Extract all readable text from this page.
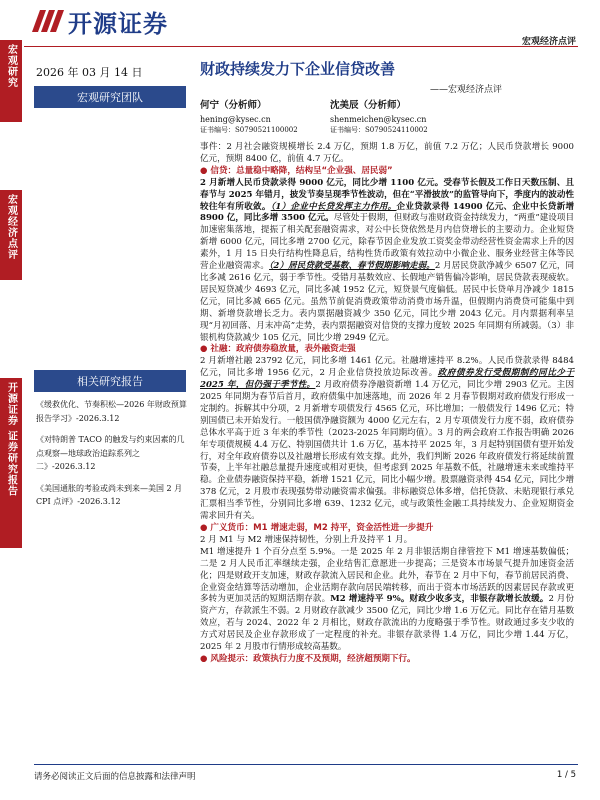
开源证券
宏观经济点评
宏观研究
宏观经济点评
开源证券 证券研究报告
2026 年 03 月 14 日
宏观研究团队
相关研究报告
《缓救优化、节奏积松—2026 年财政预算报告学习》-2026.3.12
《对特朗普 TACO 的触发与约束因素的几点观察—地球政治追踪系列之二》-2026.3.12
《美国通胀的考验或尚未到来—美国 2 月 CPI 点评》-2026.3.12
财政持续发力下企业信贷改善
——宏观经济点评
何宁（分析师）
hening@kysec.cn
证书编号：S0790521100002
沈美辰（分析师）
shenmeichen@kysec.cn
证书编号：S0790524110002

事件：2 月社会融资规模增长 2.4 万亿，预期 1.8 万亿，前值 7.2 万亿；人民币贷款增长 9000 亿元，预期 8400 亿，前值 4.7 万亿。

● 信贷：总量稳中略降，结构呈“企业强、居民弱”

2 月新增人民币贷款录得 9000 亿元，同比少增 1100 亿元。受春节长假及工作日天数压制、且春节与 2025 年错月，披发节奏呈现季节性波动，但在“平滑披放”的监管导向下，季度内的波动性较往年有所收敛。（1）企业中长贷发挥主力作用。企业贷款录得 14900 亿元、企业中长贷新增 8900 亿，同比多增 3500 亿元。尽管处于假期，但财政与准财政资金持续发力，“两重”建设项目加速密集落地，提振了相关配套融资需求，对公中长贷依然是月内信贷增长的主要动力。企业短贷新增 6000 亿元，同比多增 2700 亿元，除春节因企业发放工资奖金带动经营性资金需求上升的因素外，1 月 15 日央行结构性降息后，结构性货币政策有效拉动中小微企业、服务业经营主体等民营企业融资需求。（2）居民贷款受基数、春节假期影响走弱。2 月居民贷款净减少 6507 亿元，同比多减 2616 亿元，弱于季节性。受错月基数效应、长假地产销售偏冷影响，居民贷款表现疲软。居民短贷减少 4693 亿元，同比多减 1952 亿元，短贷景气度偏低。居民中长贷单月净减少 1815 亿元，同比多减 665 亿元。虽然节前促消费政策带动消费市场升温，但假期内消费贷可能集中到期、新增贷款增长乏力。表内票据融资减少 350 亿元，同比少增 2043 亿元。月内票据利率呈现“月初回落、月末冲高”走势，表内票据融资对信贷的支撑力度较 2025 年同期有所减弱。（3）非银机构贷款减少 105 亿元，同比少增 2949 亿元。

● 社融：政府债券稳放量，表外融资走强

2 月新增社融 23792 亿元，同比多增 1461 亿元。社融增速持平 8.2%。人民币贷款录得 8484 亿元，同比多增 1956 亿元，2 月企业信贷投放边际改善。政府债券发行受假期制约同比少于 2025 年，但仍强于季节性。2 月政府债券净融资新增 1.4 万亿元，同比少增 2903 亿元。主因 2025 年同期为春节后首月，政府债集中加速落地，而 2026 年 2 月春节假期对政府债发行形成一定制约。拆解其中分项，2 月新增专项债发行 4565 亿元，环比增加；一般债发行 1496 亿元；特别国债已未开始发行。一般国债净融资额为 4000 亿元左右，2 月专项债发行力度不弱，政府债券总体水平高于近 3 年来的季节性（2023-2025 年同期均值）。3 月的两会政府工作报告明确 2026 年专项债规模 4.4 万亿、特别国债共计 1.6 万亿，基本持平 2025 年，3 月起特别国债有望开始发行，对全年政府债券以及社融增长形成有效支撑。此外，我们判断 2026 年政府债发行将延续前置节奏，上半年社融总量提升速度或相对更快，但考虑到 2025 年基数不低，社融增速未来或维持平稳。企业债券融资保持平稳，新增 1521 亿元，同比小幅少增。股票融资录得 454 亿元，同比少增 378 亿元，2 月股市表现强势带动融资需求偏强。非标融资总体多增，信托贷款、未贴现银行承兑汇票相当季节性，分别同比多增 639、1232 亿元，或与政策性金融工具持续发力、企业短期资金需求回升有关。

● 广义货币：M1 增速走弱，M2 持平，资金活性进一步提升

2 月 M1 与 M2 增速保持韧性，分别上升及持平 1 月。

M1 增速提升 1 个百分点至 5.9%。一是 2025 年 2 月非银活期自律管控下 M1 增速基数偏低；二是 2 月人民币汇率继续走强，企业结售汇意愿进一步提高；三是资本市场景气提升加速资金活化；四是财政开支加速，财政存款流入居民和企业。此外，春节在 2 月中下旬，春节前居民消费、企业资金结算等活动增加，企业活期存款向居民端转移，而出于资本市场活跃的因素居民存款或更多转为更加灵活的短期活期存款。M2 增速持平 9%。财政少收多支，非银存款增长放缓。2 月份资产方，存款派生不弱。2 月财政存款减少 3500 亿元，同比少增 1.6 万亿元。同比存在错月基数效应，若与 2024、2022 年 2 月相比，财政存款流出的力度略强于季节性。财政通过多支少收的方式对居民及企业存款形成了一定程度的补充。非银存款录得 1.4 万亿，同比少增 1.44 万亿，2025 年 2 月股市行情形成较高基数。

● 风险提示：政策执行力度不及预期，经济超预期下行。

请务必阅读正文后面的信息披露和法律声明	1 / 5
